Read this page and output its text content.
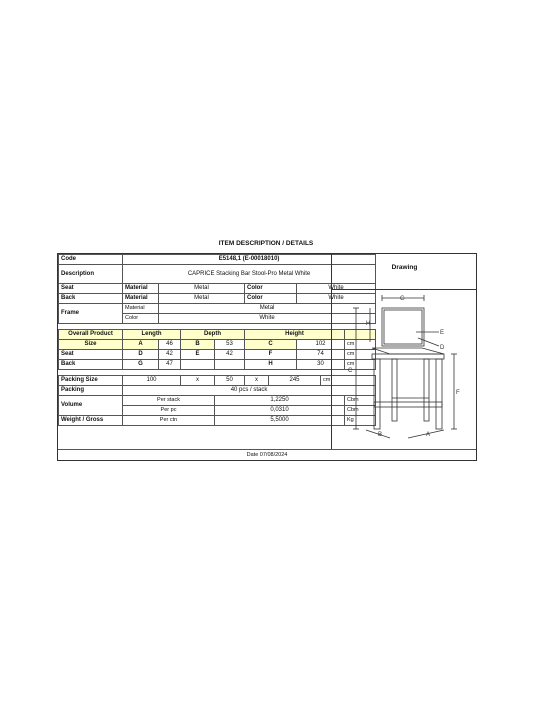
ITEM DESCRIPTION / DETAILS
Code	E5148,1 (E-00018010)								
Description	CAPRICE Stacking Bar Stool-Pro Metal White								
Seat	Material	Metal			Color		White		
Back	Material	Metal			Color		White		
Frame	Material	Metal							
	Color	White							

Overall Product	Length		Depth		Height				
Size	A	46	B	53	C		102		cm
Seat	D	42	E	42	F		74		cm
Back	G	47			H		30		cm

Packing Size	100		x	50	x	245		cm	
Packing	40 pcs / stack								
Volume	Per stack			1,2250					Cbm
	Per pc			0,0310					Cbm
Weight / Gross	Per ctn			5,5000					Kg
Drawing
G
H
E
D
C
F
B	A
Date 07/08/2024
